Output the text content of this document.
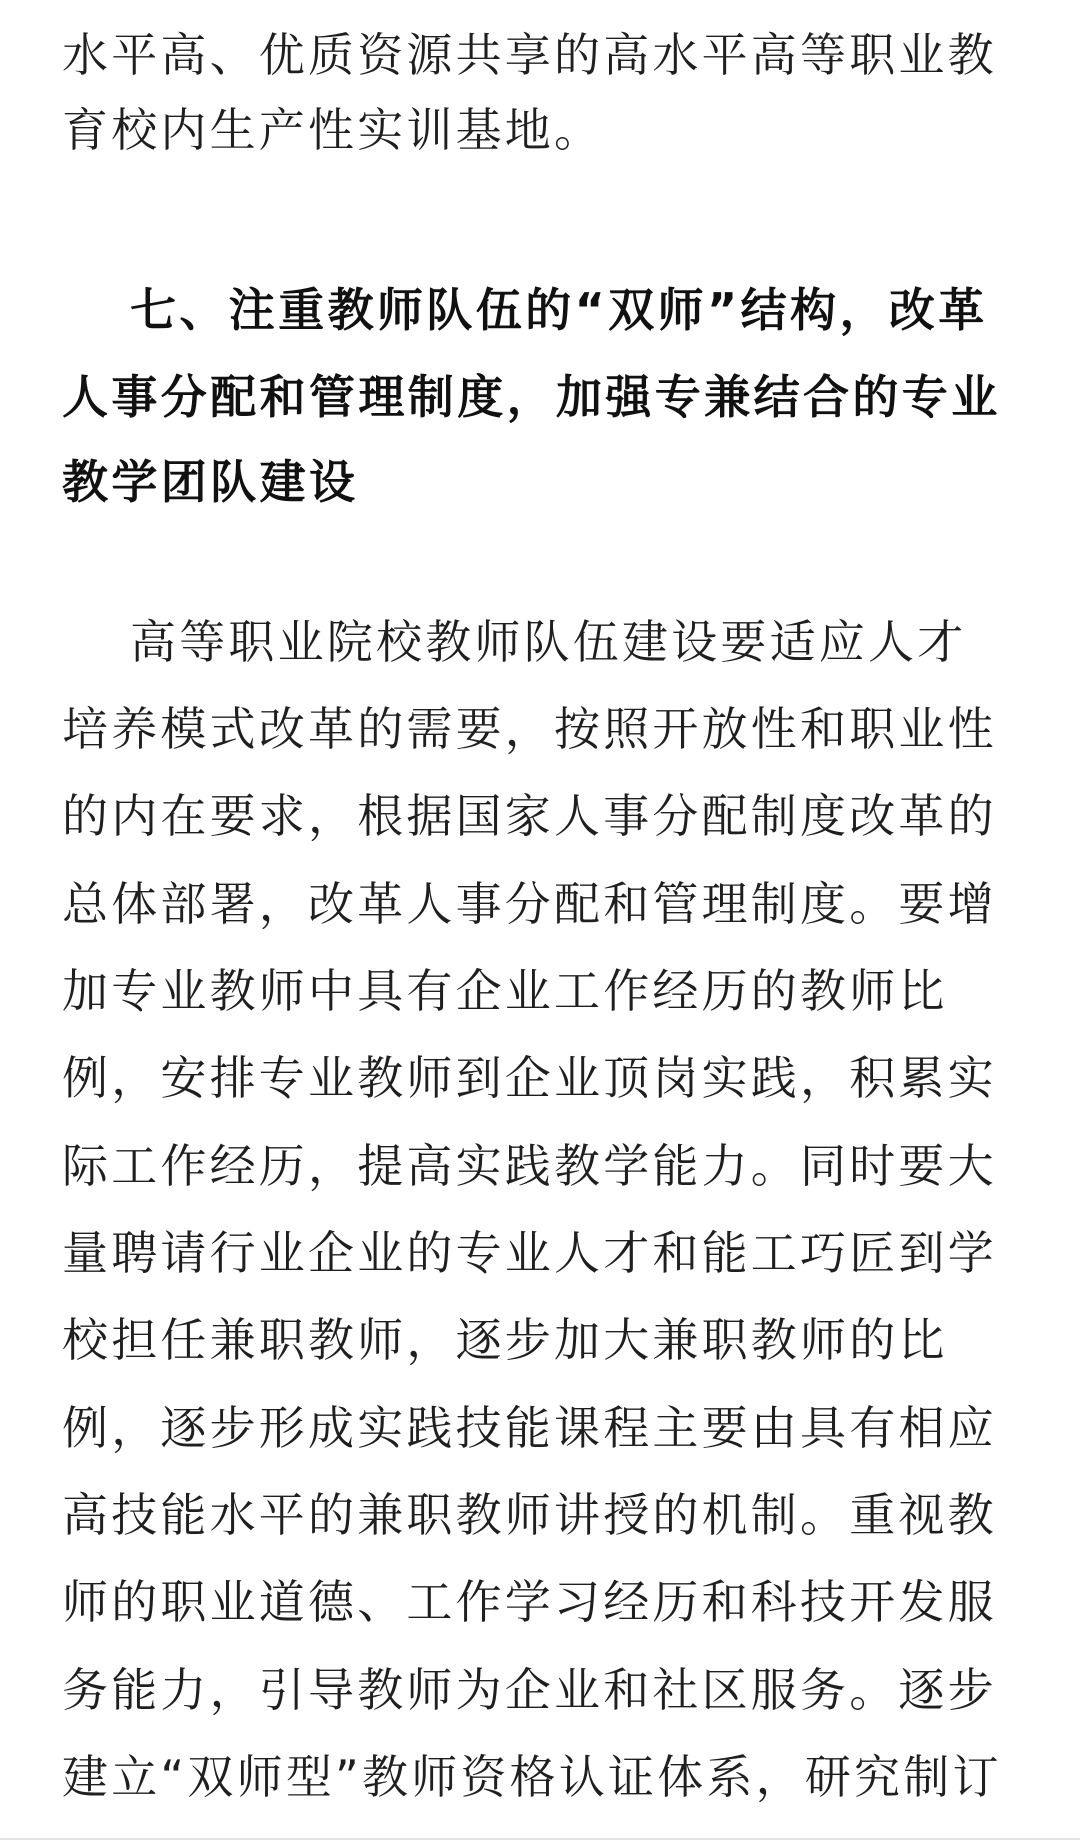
水平高、优质资源共享的高水平高等职业教

育校内生产性实训基地。

七、注重教师队伍的“双师”结构，改革

人事分配和管理制度，加强专兼结合的专业

教学团队建设

高等职业院校教师队伍建设要适应人才

培养模式改革的需要，按照开放性和职业性

的内在要求，根据国家人事分配制度改革的

总体部署，改革人事分配和管理制度。要增

加专业教师中具有企业工作经历的教师比

例，安排专业教师到企业顶岗实践，积累实

际工作经历，提高实践教学能力。同时要大

量聘请行业企业的专业人才和能工巧匠到学

校担任兼职教师，逐步加大兼职教师的比

例，逐步形成实践技能课程主要由具有相应

高技能水平的兼职教师讲授的机制。重视教

师的职业道德、工作学习经历和科技开发服

务能力，引导教师为企业和社区服务。逐步

建立“双师型”教师资格认证体系，研究制订
